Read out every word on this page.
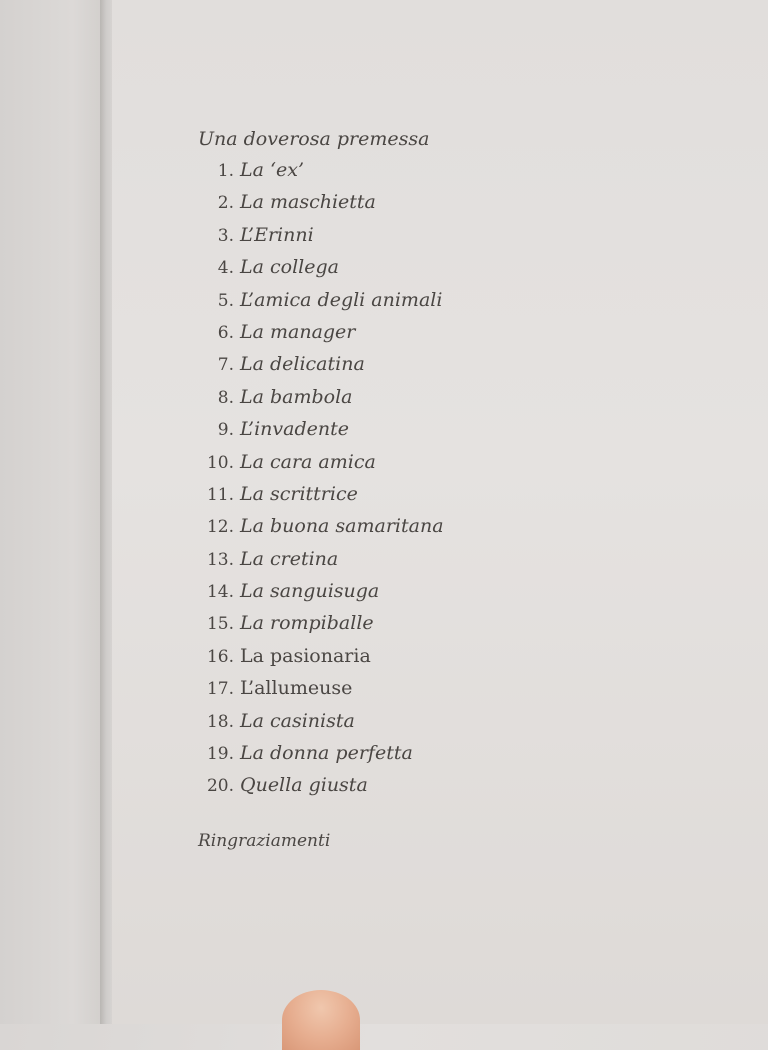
Una doverosa premessa
1. La ‘ex’
2. La maschietta
3. L’Erinni
4. La collega
5. L’amica degli animali
6. La manager
7. La delicatina
8. La bambola
9. L’invadente
10. La cara amica
11. La scrittrice
12. La buona samaritana
13. La cretina
14. La sanguisuga
15. La rompiballe
16. La pasionaria
17. L’allumeuse
18. La casinista
19. La donna perfetta
20. Quella giusta
Ringraziamenti
